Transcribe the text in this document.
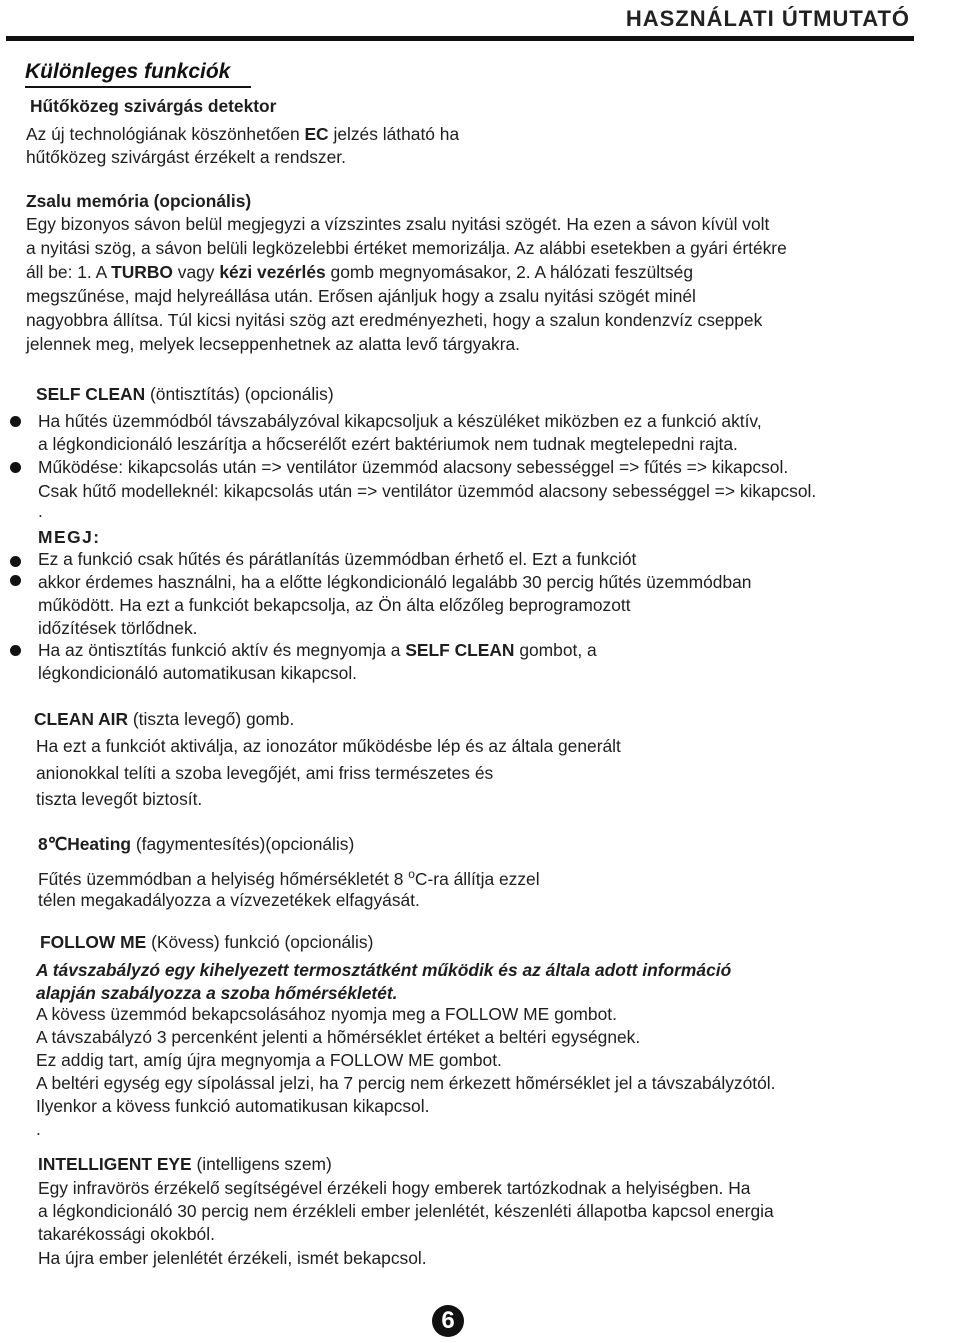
HASZNÁLATI ÚTMUTATÓ
Különleges funkciók
Hűtőközeg szivárgás detektor
Az új technológiának köszönhetően EC jelzés látható ha
hűtőközeg szivárgást érzékelt a rendszer.
Zsalu memória (opcionális)
Egy bizonyos sávon belül megjegyzi a vízszintes zsalu nyitási szögét. Ha ezen a sávon kívül volt
a nyitási szög, a sávon belüli legközelebbi értéket memorizálja. Az alábbi esetekben a gyári értékre
áll be: 1. A TURBO vagy kézi vezérlés gomb megnyomásakor, 2. A hálózati feszültség
megszűnése, majd helyreállása után. Erősen ajánljuk hogy a zsalu nyitási szögét minél
nagyobbra állítsa. Túl kicsi nyitási szög azt eredményezheti, hogy a szalun kondenzvíz cseppek
jelennek meg, melyek lecseppenhetnek az alatta levő tárgyakra.
SELF CLEAN (öntisztítás) (opcionális)
Ha hűtés üzemmódból távszabályzóval kikapcsoljuk a készüléket miközben ez a funkció aktív,
a légkondicionáló leszárítja a hőcserélőt ezért baktériumok nem tudnak megtelepedni rajta.
Működése: kikapcsolás után => ventilátor üzemmód alacsony sebességgel => fűtés => kikapcsol.
Csak hűtő modelleknél: kikapcsolás után => ventilátor üzemmód alacsony sebességgel => kikapcsol.
.
MEGJ:
Ez a funkció csak hűtés és párátlanítás üzemmódban érhető el. Ezt a funkciót
akkor érdemes használni, ha a előtte légkondicionáló legalább 30 percig hűtés üzemmódban
működött. Ha ezt a funkciót bekapcsolja, az Ön álta előzőleg beprogramozott
időzítések törlődnek.
Ha az öntisztítás funkció aktív és megnyomja a SELF CLEAN gombot, a
légkondicionáló automatikusan kikapcsol.
CLEAN AIR (tiszta levegő) gomb.
Ha ezt a funkciót aktiválja, az ionozátor működésbe lép és az általa generált
anionokkal telíti a szoba levegőjét, ami friss természetes és
tiszta levegőt biztosít.
8℃Heating (fagymentesítés)(opcionális)
Fűtés üzemmódban a helyiség hőmérsékletét 8 $^o$C-ra állítja ezzel
télen megakadályozza a vízvezetékek elfagyását.
FOLLOW ME (Kövess) funkció (opcionális)
A távszabályzó egy kihelyezett termosztátként működik és az általa adott információ
alapján szabályozza a szoba hőmérsékletét.
A kövess üzemmód bekapcsolásához nyomja meg a FOLLOW ME gombot.
A távszabályzó 3 percenként jelenti a hõmérséklet értéket a beltéri egységnek.
Ez addig tart, amíg újra megnyomja a FOLLOW ME gombot.
A beltéri egység egy sípolással jelzi, ha 7 percig nem érkezett hõmérséklet jel a távszabályzótól.
Ilyenkor a kövess funkció automatikusan kikapcsol.
.
INTELLIGENT EYE (intelligens szem)
Egy infravörös érzékelő segítségével érzékeli hogy emberek tartózkodnak a helyiségben. Ha
a légkondicionáló 30 percig nem érzékleli ember jelenlétét, készenléti állapotba kapcsol energia
takarékossági okokból.
Ha újra ember jelenlétét érzékeli, ismét bekapcsol.
6
